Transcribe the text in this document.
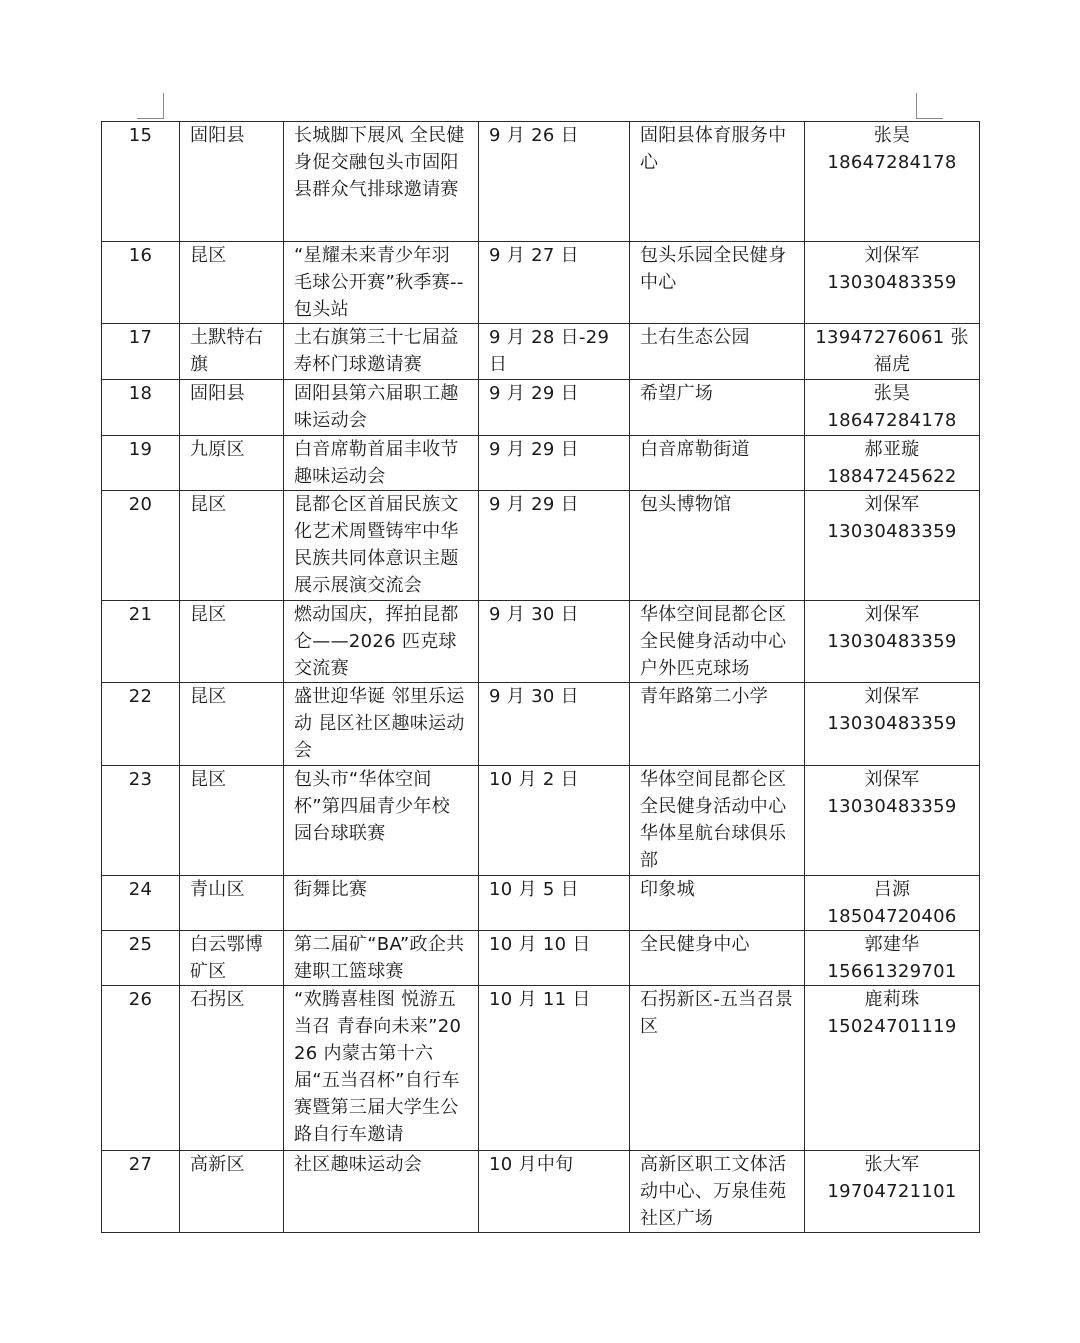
15	固阳县	长城脚下展风 全民健身促交融包头市固阳县群众气排球邀请赛	9 月 26 日	固阳县体育服务中心	张昊
18647284178

16	昆区	“星耀未来青少年羽毛球公开赛”秋季赛--包头站	9 月 27 日	包头乐园全民健身中心	刘保军
13030483359

17	土默特右旗	土右旗第三十七届益寿杯门球邀请赛	9 月 28 日-29 日	土右生态公园	13947276061 张福虎

18	固阳县	固阳县第六届职工趣味运动会	9 月 29 日	希望广场	张昊
18647284178

19	九原区	白音席勒首届丰收节趣味运动会	9 月 29 日	白音席勒街道	郝亚璇
18847245622

20	昆区	昆都仑区首届民族文化艺术周暨铸牢中华民族共同体意识主题展示展演交流会	9 月 29 日	包头博物馆	刘保军
13030483359

21	昆区	燃动国庆，挥拍昆都仑——2026 匹克球交流赛	9 月 30 日	华体空间昆都仑区全民健身活动中心户外匹克球场	刘保军
13030483359

22	昆区	盛世迎华诞 邻里乐运动 昆区社区趣味运动会	9 月 30 日	青年路第二小学	刘保军
13030483359

23	昆区	包头市“华体空间杯”第四届青少年校园台球联赛	10 月 2 日	华体空间昆都仑区全民健身活动中心华体星航台球俱乐部	刘保军
13030483359

24	青山区	街舞比赛	10 月 5 日	印象城	吕源
18504720406

25	白云鄂博矿区	第二届矿“BA”政企共建职工篮球赛	10 月 10 日	全民健身中心	郭建华
15661329701

26	石拐区	“欢腾喜桂图 悦游五当召 青春向未来”2026 内蒙古第十六届“五当召杯”自行车赛暨第三届大学生公路自行车邀请	10 月 11 日	石拐新区-五当召景区	鹿莉珠
15024701119

27	高新区	社区趣味运动会	10 月中旬	高新区职工文体活动中心、万泉佳苑社区广场	张大军
19704721101
